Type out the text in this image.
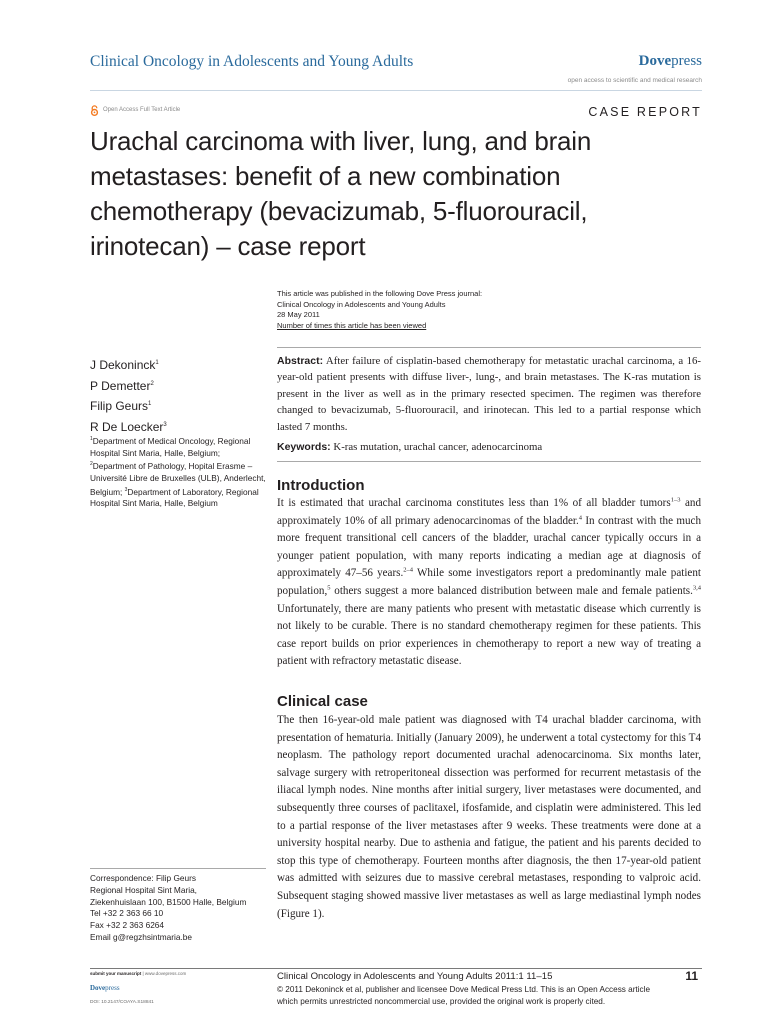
Clinical Oncology in Adolescents and Young Adults	Dovepress
open access to scientific and medical research
Open Access Full Text Article	CASE REPORT
Urachal carcinoma with liver, lung, and brain metastases: benefit of a new combination chemotherapy (bevacizumab, 5-fluorouracil, irinotecan) – case report
This article was published in the following Dove Press journal:
Clinical Oncology in Adolescents and Young Adults
28 May 2011
Number of times this article has been viewed
J Dekoninck$^1$
P Demetter$^2$
Filip Geurs$^1$
R De Loecker$^3$
$^1$Department of Medical Oncology, Regional Hospital Sint Maria, Halle, Belgium; $^2$Department of Pathology, Hopital Erasme – Université Libre de Bruxelles (ULB), Anderlecht, Belgium; $^3$Department of Laboratory, Regional Hospital Sint Maria, Halle, Belgium

Abstract: After failure of cisplatin-based chemotherapy for metastatic urachal carcinoma, a 16-year-old patient presents with diffuse liver-, lung-, and brain metastases. The K-ras mutation is present in the liver as well as in the primary resected specimen. The regimen was therefore changed to bevacizumab, 5-fluorouracil, and irinotecan. This led to a partial response which lasted 7 months.

Keywords: K-ras mutation, urachal cancer, adenocarcinoma

Introduction

It is estimated that urachal carcinoma constitutes less than 1% of all bladder tumors$^{1-3}$ and approximately 10% of all primary adenocarcinomas of the bladder.$^4$ In contrast with the much more frequent transitional cell cancers of the bladder, urachal cancer typically occurs in a younger patient population, with many reports indicating a median age at diagnosis of approximately 47–56 years.$^{2-4}$ While some investigators report a predominantly male patient population,$^5$ others suggest a more balanced distribution between male and female patients.$^{3,4}$ Unfortunately, there are many patients who present with metastatic disease which currently is not likely to be curable. There is no standard chemotherapy regimen for these patients. This case report builds on prior experiences in chemotherapy to report a new way of treating a patient with refractory metastatic disease.

Clinical case

The then 16-year-old male patient was diagnosed with T4 urachal bladder carcinoma, with presentation of hematuria. Initially (January 2009), he underwent a total cystectomy for this T4 neoplasm. The pathology report documented urachal adenocarcinoma. Six months later, salvage surgery with retroperitoneal dissection was performed for recurrent metastasis of the iliacal lymph nodes. Nine months after initial surgery, liver metastases were documented, and subsequently three courses of paclitaxel, ifosfamide, and cisplatin were administered. This led to a partial response of the liver metastases after 9 weeks. These treatments were done at a university hospital nearby. Due to asthenia and fatigue, the patient and his parents decided to stop this type of chemotherapy. Fourteen months after diagnosis, the then 17-year-old patient was admitted with seizures due to massive cerebral metastases, responding to valproic acid. Subsequent staging showed massive liver metastases as well as large mediastinal lymph nodes (Figure 1).

Correspondence: Filip Geurs
Regional Hospital Sint Maria,
Ziekenhuislaan 100, B1500 Halle, Belgium
Tel +32 2 363 66 10
Fax +32 2 363 6264
Email g@regzhsintmaria.be
submit your manuscript | www.dovepress.com
Dovepress
DOI: 10.2147/COAYA.S18841
Clinical Oncology in Adolescents and Young Adults 2011:1 11–15	11
© 2011 Dekoninck et al, publisher and licensee Dove Medical Press Ltd. This is an Open Access article
which permits unrestricted noncommercial use, provided the original work is properly cited.
